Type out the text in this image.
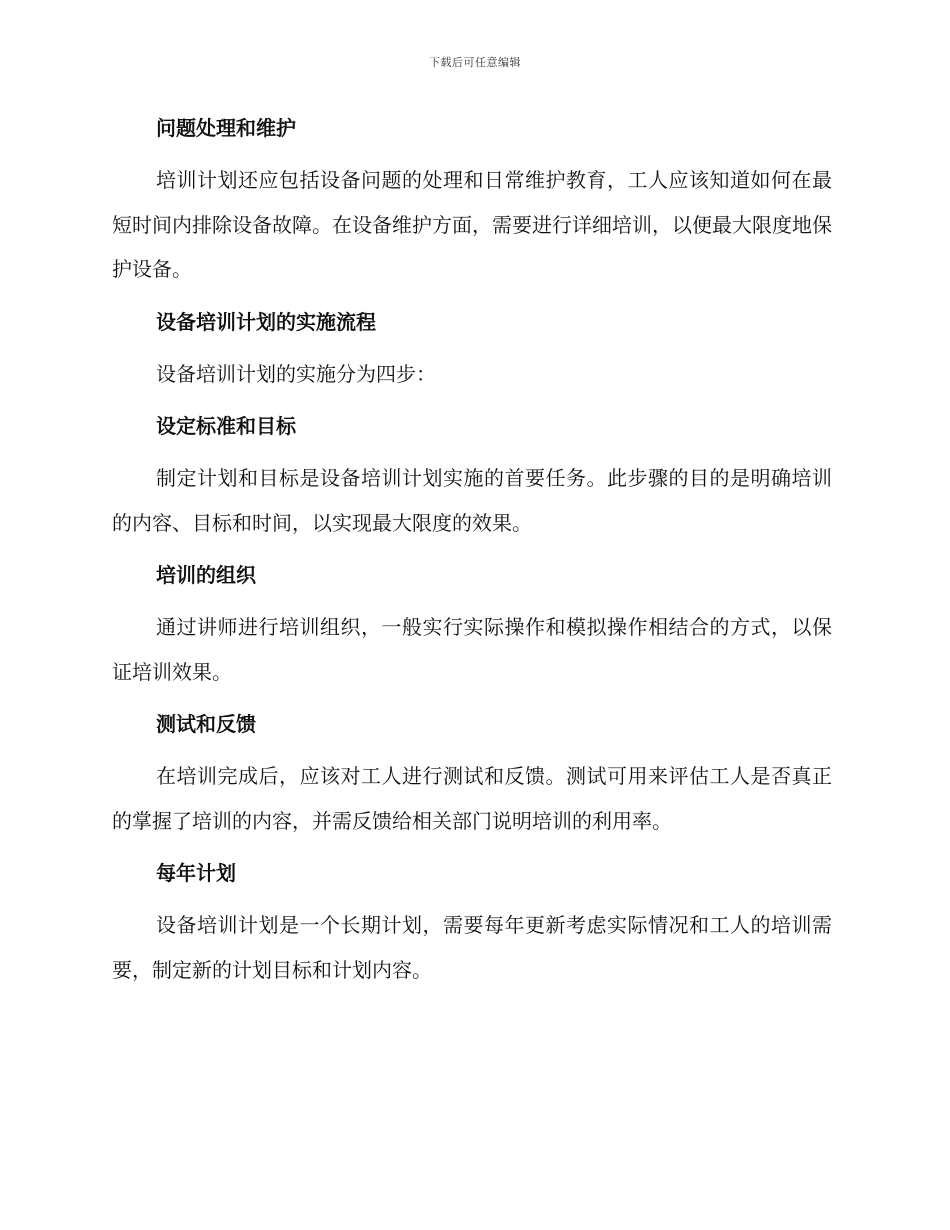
下载后可任意编辑
问题处理和维护
培训计划还应包括设备问题的处理和日常维护教育，工人应该知道如何在最短时间内排除设备故障。在设备维护方面，需要进行详细培训，以便最大限度地保护设备。
设备培训计划的实施流程
设备培训计划的实施分为四步：
设定标准和目标
制定计划和目标是设备培训计划实施的首要任务。此步骤的目的是明确培训的内容、目标和时间，以实现最大限度的效果。
培训的组织
通过讲师进行培训组织，一般实行实际操作和模拟操作相结合的方式，以保证培训效果。
测试和反馈
在培训完成后，应该对工人进行测试和反馈。测试可用来评估工人是否真正的掌握了培训的内容，并需反馈给相关部门说明培训的利用率。
每年计划
设备培训计划是一个长期计划，需要每年更新考虑实际情况和工人的培训需要，制定新的计划目标和计划内容。
